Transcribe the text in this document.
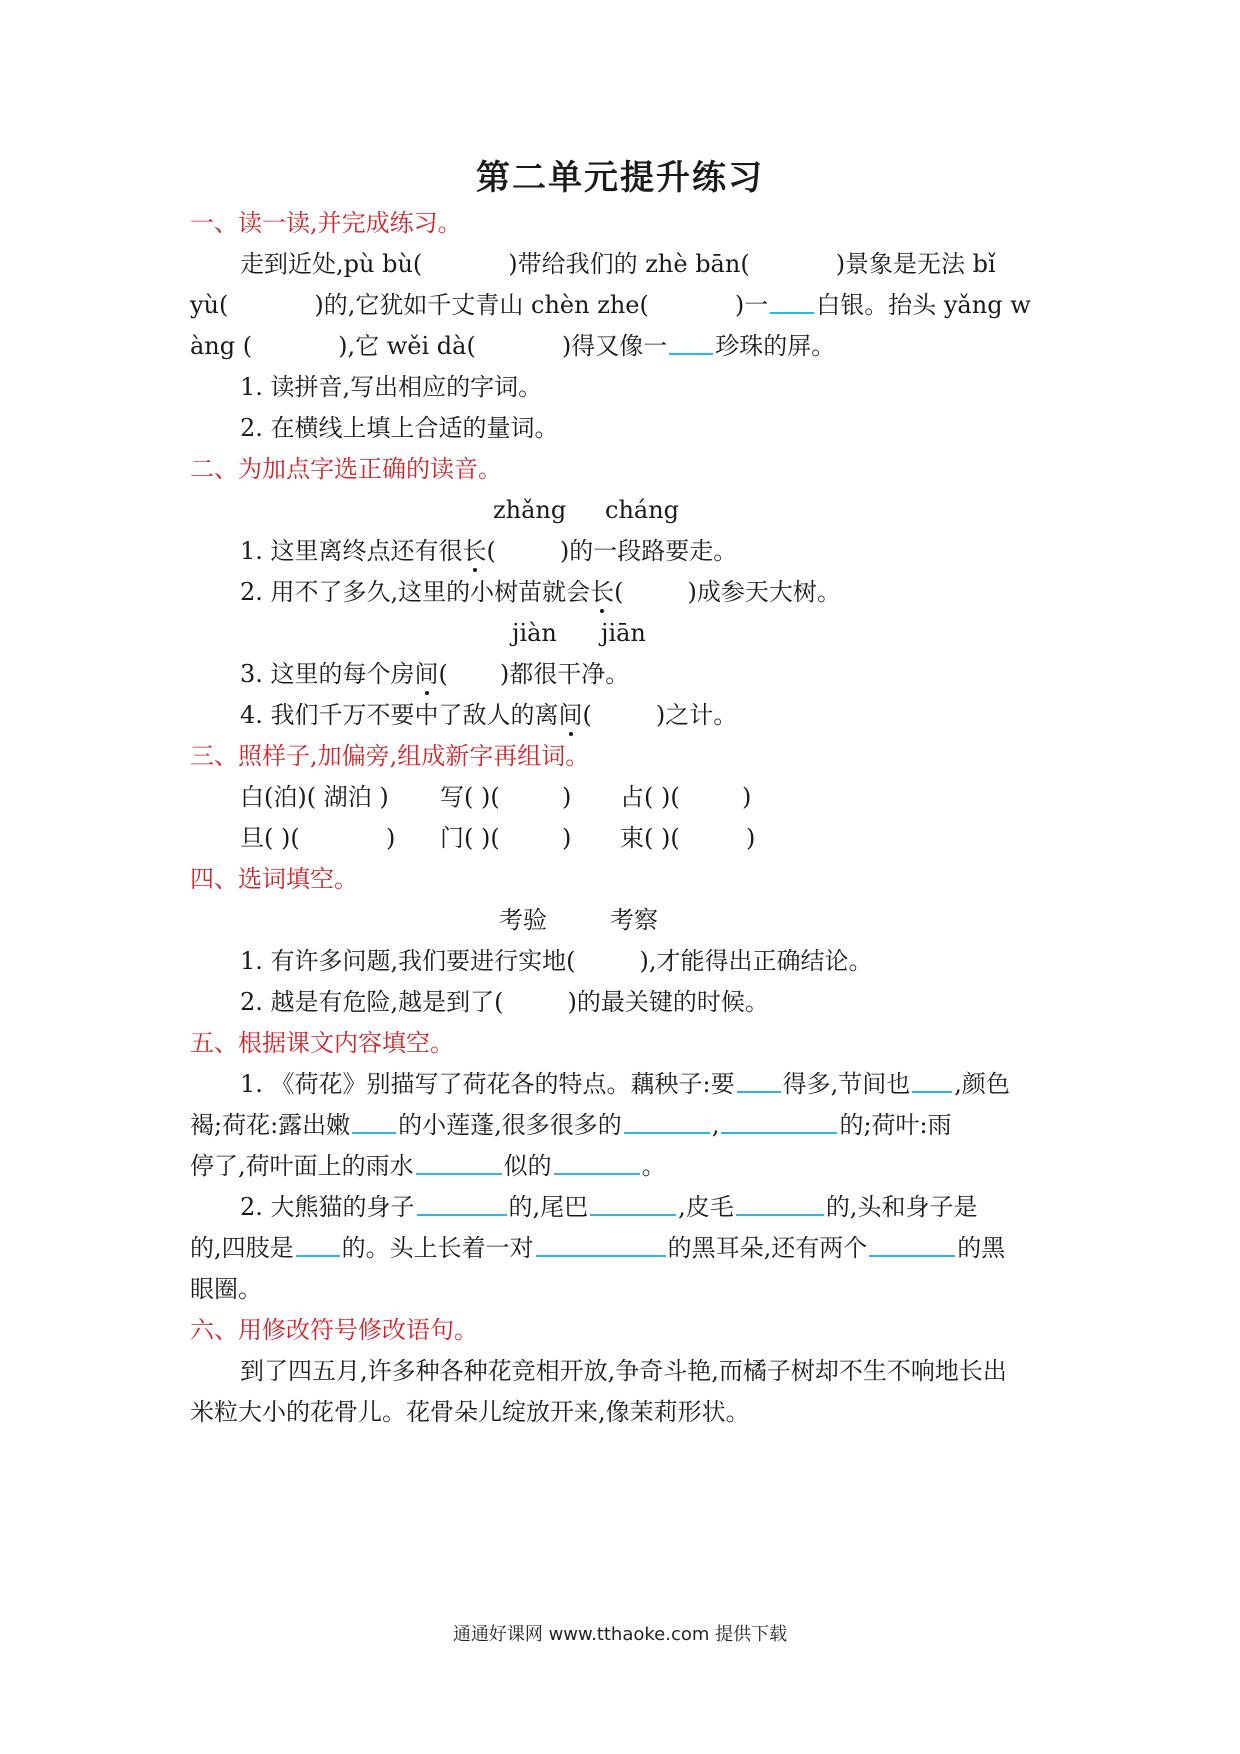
第二单元提升练习
一、读一读,并完成练习。
走到近处,pù bù(	)带给我们的 zhè bān(	)景象是无法 bǐ
yù(	)的,它犹如千丈青山 chèn zhe(	)一 白银。抬头 yǎng w
àng (	),它 wěi dà(	)得又像一 珍珠的屏。
1. 读拼音,写出相应的字词。
2. 在横线上填上合适的量词。
二、为加点字选正确的读音。
zhǎng cháng
1. 这里离终点还有很长(	)的一段路要走。
2. 用不了多久,这里的小树苗就会长(	)成参天大树。
jiàn jiān
3. 这里的每个房间( )都很干净。
4. 我们千万不要中了敌人的离间(	)之计。
三、照样子,加偏旁,组成新字再组词。
白(泊)( 湖泊 ) 写( )(	) 占( )(	)
旦( )(	) 门( )(	) 束( )(	)
四、选词填空。
考验	考察
1. 有许多问题,我们要进行实地(	),才能得出正确结论。
2. 越是有危险,越是到了(	)的最关键的时候。
五、根据课文内容填空。
1. 《荷花》别描写了荷花各的特点。藕秧子:要 得多,节间也 ,颜色
褐;荷花:露出嫩 的小莲蓬,很多很多的	,	的;荷叶:雨
停了,荷叶面上的雨水	似的	。
2. 大熊猫的身子	的,尾巴	,皮毛	的,头和身子是
的,四肢是 的。头上长着一对	的黑耳朵,还有两个	的黑
眼圈。
六、用修改符号修改语句。
到了四五月,许多种各种花竞相开放,争奇斗艳,而橘子树却不生不响地长出
米粒大小的花骨儿。花骨朵儿绽放开来,像茉莉形状。
通通好课网 www.tthaoke.com 提供下载
